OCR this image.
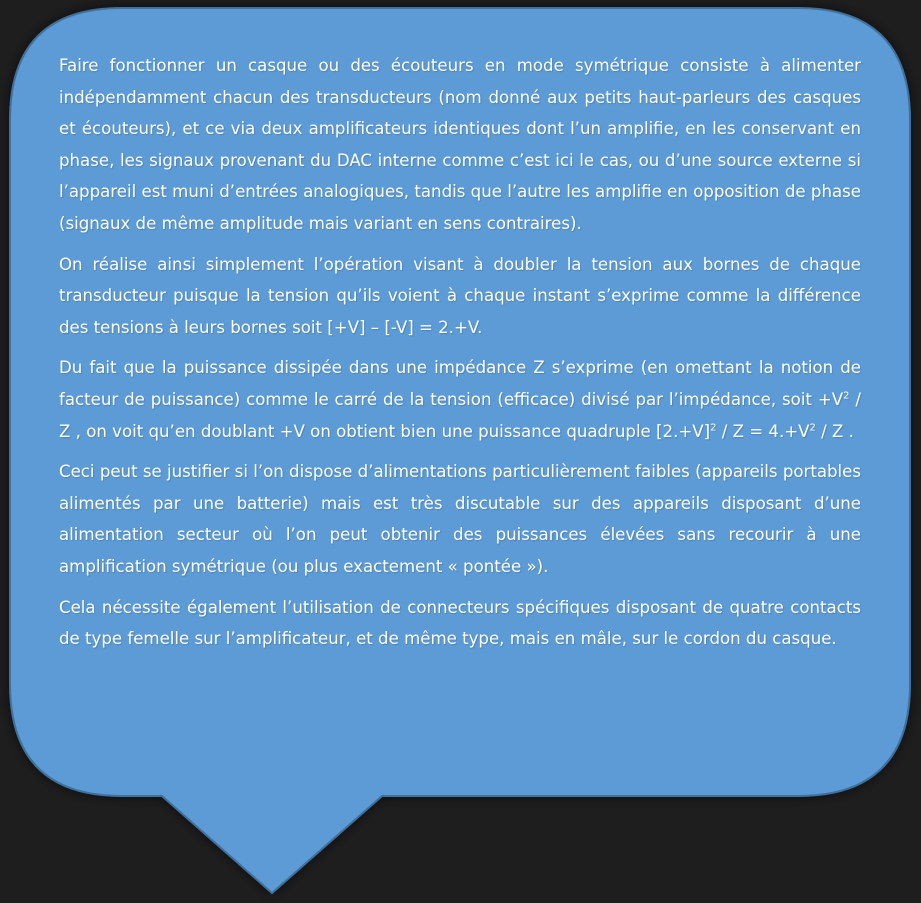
Faire fonctionner un casque ou des écouteurs en mode symétrique consiste à alimenter indépendamment chacun des transducteurs (nom donné aux petits haut-parleurs des casques et écouteurs), et ce via deux amplificateurs identiques dont l’un amplifie, en les conservant en phase, les signaux provenant du DAC interne comme c’est ici le cas, ou d’une source externe si l’appareil est muni d’entrées analogiques, tandis que l’autre les amplifie en opposition de phase (signaux de même amplitude mais variant en sens contraires).

On réalise ainsi simplement l’opération visant à doubler la tension aux bornes de chaque transducteur puisque la tension qu’ils voient à chaque instant s’exprime comme la différence des tensions à leurs bornes soit [+V] – [-V] = 2.+V.

Du fait que la puissance dissipée dans une impédance Z s’exprime (en omettant la notion de facteur de puissance) comme le carré de la tension (efficace) divisé par l’impédance, soit $+V^2 / Z$ , on voit qu’en doublant +V on obtient bien une puissance quadruple $[2.+V]^2 / Z = 4.+V^2 / Z$ .

Ceci peut se justifier si l’on dispose d’alimentations particulièrement faibles (appareils portables alimentés par une batterie) mais est très discutable sur des appareils disposant d’une alimentation secteur où l’on peut obtenir des puissances élevées sans recourir à une amplification symétrique (ou plus exactement « pontée »).

Cela nécessite également l’utilisation de connecteurs spécifiques disposant de quatre contacts de type femelle sur l’amplificateur, et de même type, mais en mâle, sur le cordon du casque.
